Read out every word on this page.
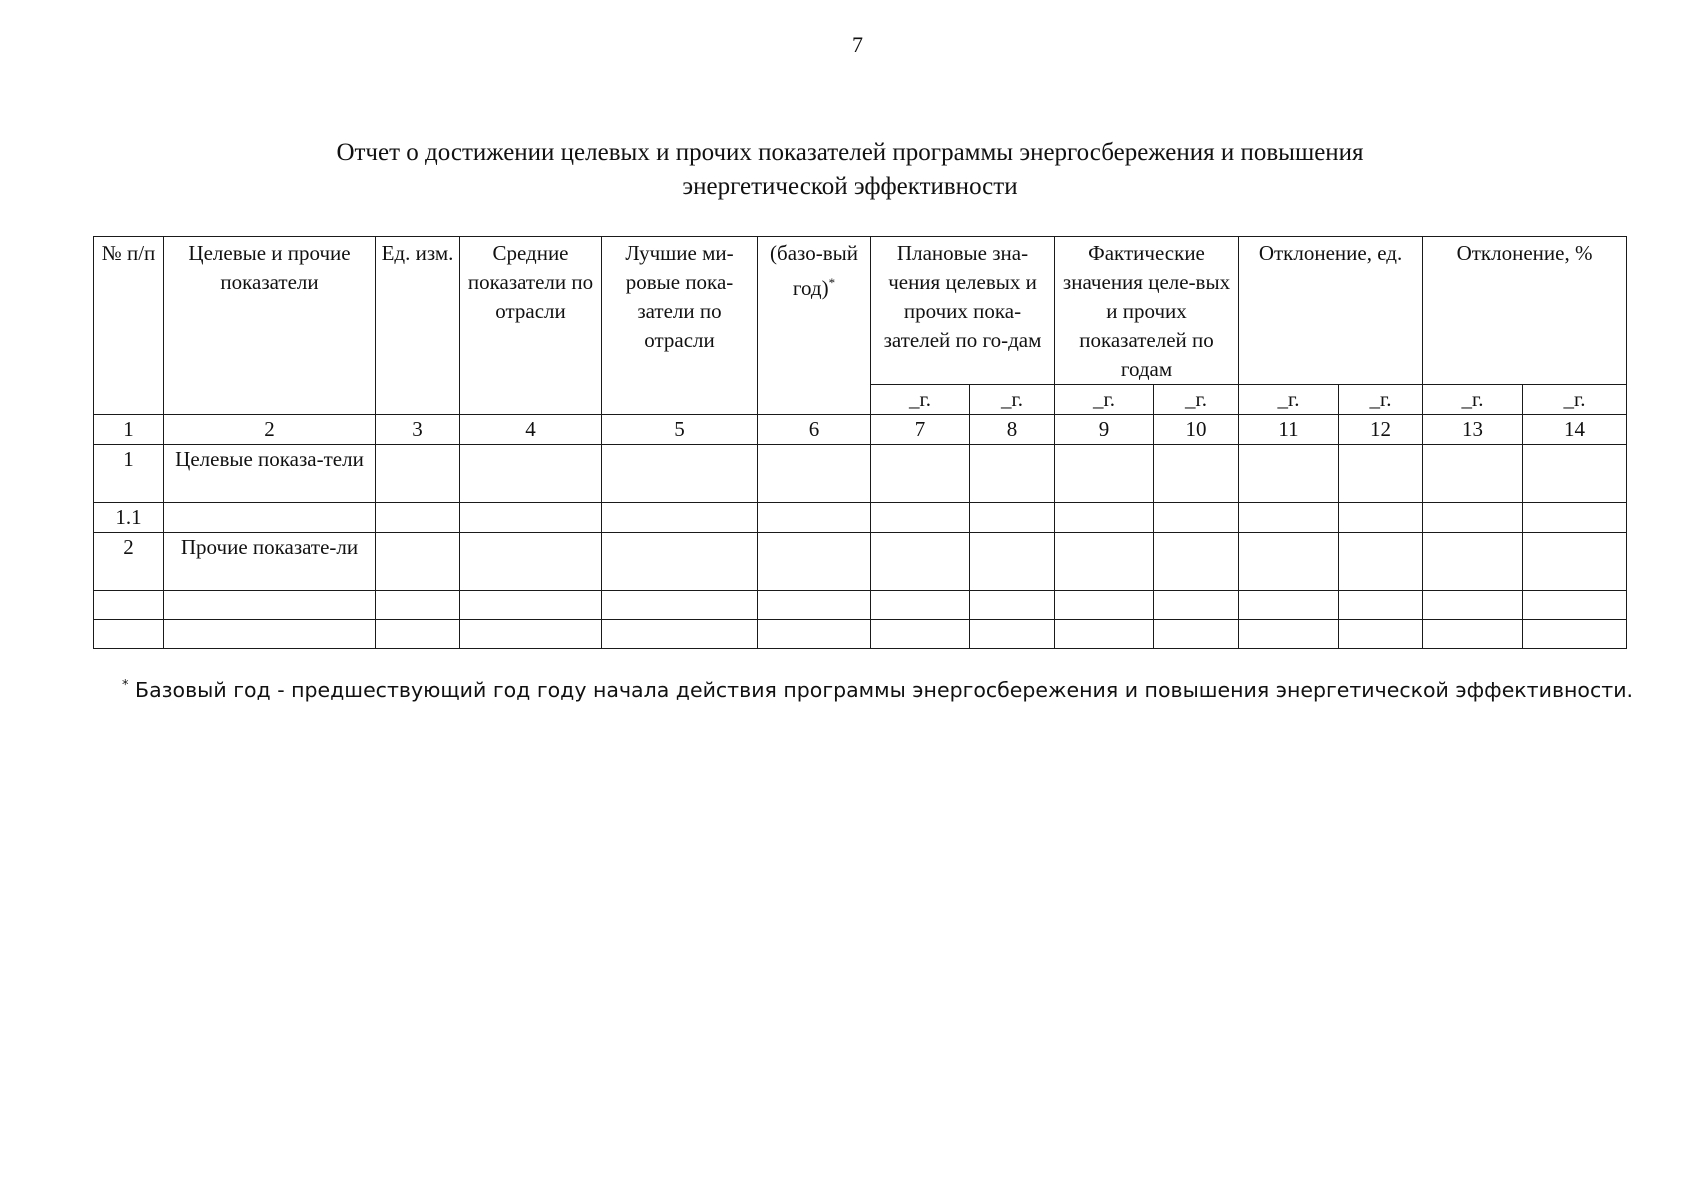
7
Отчет о достижении целевых и прочих показателей программы энергосбережения и повышения
энергетической эффективности
№ п/п	Целевые и прочие показатели	Ед. изм.	Средние показатели по отрасли	Лучшие ми-ровые пока-затели по отрасли	(базо-вый год)*	Плановые зна-чения целевых и прочих пока-зателей по го-дам		Фактические значения целе-вых и прочих показателей по годам		Отклонение, ед.		Отклонение, %	
						_г.	_г.	_г.	_г.	_г.	_г.	_г.	_г.
1	2	3	4	5	6	7	8	9	10	11	12	13	14
1	Целевые показа-тели												
1.1													
2	Прочие показате-ли												

* Базовый год - предшествующий год году начала действия программы энергосбережения и повышения энергетической эффективности.
